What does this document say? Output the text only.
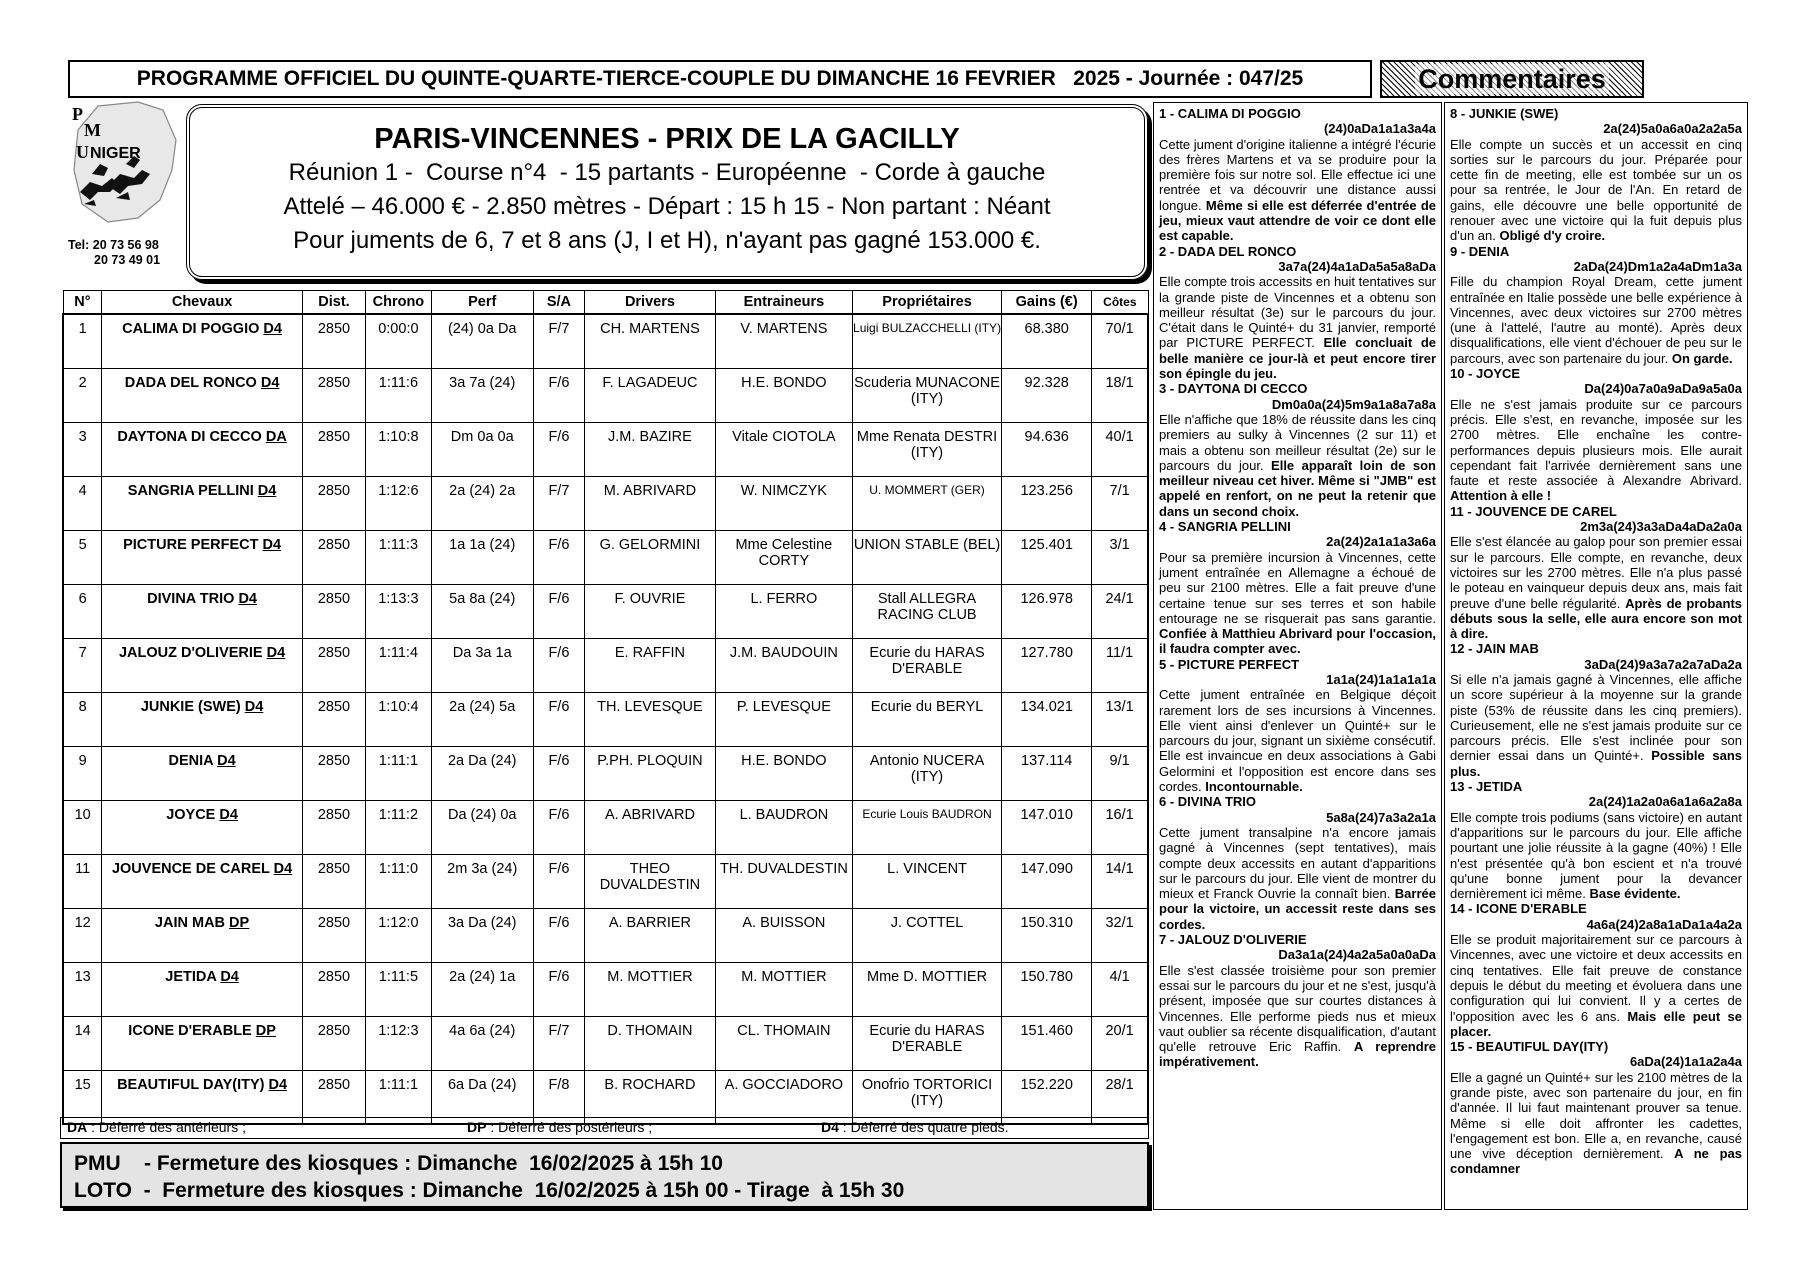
PROGRAMME OFFICIEL DU QUINTE-QUARTE-TIERCE-COUPLE DU DIMANCHE 16 FEVRIER   2025 - Journée : 047/25	Commentaires
P
M
U NIGER
Tel: 20 73 56 98
20 73 49 01
PARIS-VINCENNES - PRIX DE LA GACILLY
Réunion 1 -  Course n°4  - 15 partants - Européenne  - Corde à gauche
Attelé – 46.000 € - 2.850 mètres - Départ : 15 h 15 - Non partant : Néant
Pour juments de 6, 7 et 8 ans (J, I et H), n'ayant pas gagné 153.000 €.
N°	Chevaux	Dist.	Chrono	Perf	S/A	Drivers	Entraineurs	Propriétaires	Gains (€)	Côtes
1	CALIMA DI POGGIO D4	2850	0:00:0	(24) 0a Da	F/7	CH. MARTENS	V. MARTENS	Luigi BULZACCHELLI (ITY)	68.380	70/1
2	DADA DEL RONCO D4	2850	1:11:6	3a 7a (24)	F/6	F. LAGADEUC	H.E. BONDO	Scuderia MUNACONE (ITY)	92.328	18/1
3	DAYTONA DI CECCO DA	2850	1:10:8	Dm 0a 0a	F/6	J.M. BAZIRE	Vitale CIOTOLA	Mme Renata DESTRI (ITY)	94.636	40/1
4	SANGRIA PELLINI D4	2850	1:12:6	2a (24) 2a	F/7	M. ABRIVARD	W. NIMCZYK	U. MOMMERT (GER)	123.256	7/1
5	PICTURE PERFECT D4	2850	1:11:3	1a 1a (24)	F/6	G. GELORMINI	Mme Celestine CORTY	UNION STABLE (BEL)	125.401	3/1
6	DIVINA TRIO D4	2850	1:13:3	5a 8a (24)	F/6	F. OUVRIE	L. FERRO	Stall ALLEGRA RACING CLUB	126.978	24/1
7	JALOUZ D'OLIVERIE D4	2850	1:11:4	Da 3a 1a	F/6	E. RAFFIN	J.M. BAUDOUIN	Ecurie du HARAS D'ERABLE	127.780	11/1
8	JUNKIE (SWE) D4	2850	1:10:4	2a (24) 5a	F/6	TH. LEVESQUE	P. LEVESQUE	Ecurie du BERYL	134.021	13/1
9	DENIA D4	2850	1:11:1	2a Da (24)	F/6	P.PH. PLOQUIN	H.E. BONDO	Antonio NUCERA (ITY)	137.114	9/1
10	JOYCE D4	2850	1:11:2	Da (24) 0a	F/6	A. ABRIVARD	L. BAUDRON	Ecurie Louis BAUDRON	147.010	16/1
11	JOUVENCE DE CAREL D4	2850	1:11:0	2m 3a (24)	F/6	THEO DUVALDESTIN	TH. DUVALDESTIN	L. VINCENT	147.090	14/1
12	JAIN MAB DP	2850	1:12:0	3a Da (24)	F/6	A. BARRIER	A. BUISSON	J. COTTEL	150.310	32/1
13	JETIDA D4	2850	1:11:5	2a (24) 1a	F/6	M. MOTTIER	M. MOTTIER	Mme D. MOTTIER	150.780	4/1
14	ICONE D'ERABLE DP	2850	1:12:3	4a 6a (24)	F/7	D. THOMAIN	CL. THOMAIN	Ecurie du HARAS D'ERABLE	151.460	20/1
15	BEAUTIFUL DAY(ITY) D4	2850	1:11:1	6a Da (24)	F/8	B. ROCHARD	A. GOCCIADORO	Onofrio TORTORICI (ITY)	152.220	28/1
DA : Déferré des antérieurs ;	DP : Déferré des postérieurs ;	D4 : Déferré des quatre pieds.
PMU    - Fermeture des kiosques : Dimanche  16/02/2025 à 15h 10
LOTO  -  Fermeture des kiosques : Dimanche  16/02/2025 à 15h 00 - Tirage  à 15h 30
1 - CALIMA DI POGGIO
(24)0aDa1a1a3a4a
Cette jument d'origine italienne a intégré l'écurie des frères Martens et va se produire pour la première fois sur notre sol. Elle effectue ici une rentrée et va découvrir une distance aussi longue. Même si elle est déferrée d'entrée de jeu, mieux vaut attendre de voir ce dont elle est capable.
2 - DADA DEL RONCO
3a7a(24)4a1aDa5a5a8aDa
Elle compte trois accessits en huit tentatives sur la grande piste de Vincennes et a obtenu son meilleur résultat (3e) sur le parcours du jour. C'était dans le Quinté+ du 31 janvier, remporté par PICTURE PERFECT. Elle concluait de belle manière ce jour-là et peut encore tirer son épingle du jeu.
3 - DAYTONA DI CECCO
Dm0a0a(24)5m9a1a8a7a8a
Elle n'affiche que 18% de réussite dans les cinq premiers au sulky à Vincennes (2 sur 11) et mais a obtenu son meilleur résultat (2e) sur le parcours du jour. Elle apparaît loin de son meilleur niveau cet hiver. Même si "JMB" est appelé en renfort, on ne peut la retenir que dans un second choix.
4 - SANGRIA PELLINI
2a(24)2a1a1a3a6a
Pour sa première incursion à Vincennes, cette jument entraînée en Allemagne a échoué de peu sur 2100 mètres. Elle a fait preuve d'une certaine tenue sur ses terres et son habile entourage ne se risquerait pas sans garantie. Confiée à Matthieu Abrivard pour l'occasion, il faudra compter avec.
5 - PICTURE PERFECT
1a1a(24)1a1a1a1a
Cette jument entraînée en Belgique déçoit rarement lors de ses incursions à Vincennes. Elle vient ainsi d'enlever un Quinté+ sur le parcours du jour, signant un sixième consécutif. Elle est invaincue en deux associations à Gabi Gelormini et l'opposition est encore dans ses cordes. Incontournable.
6 - DIVINA TRIO
5a8a(24)7a3a2a1a
Cette jument transalpine n'a encore jamais gagné à Vincennes (sept tentatives), mais compte deux accessits en autant d'apparitions sur le parcours du jour. Elle vient de montrer du mieux et Franck Ouvrie la connaît bien. Barrée pour la victoire, un accessit reste dans ses cordes.
7 - JALOUZ D'OLIVERIE
Da3a1a(24)4a2a5a0a0aDa
Elle s'est classée troisième pour son premier essai sur le parcours du jour et ne s'est, jusqu'à présent, imposée que sur courtes distances à Vincennes. Elle performe pieds nus et mieux vaut oublier sa récente disqualification, d'autant qu'elle retrouve Eric Raffin. A reprendre impérativement.
8 - JUNKIE (SWE)
2a(24)5a0a6a0a2a2a5a
Elle compte un succès et un accessit en cinq sorties sur le parcours du jour. Préparée pour cette fin de meeting, elle est tombée sur un os pour sa rentrée, le Jour de l'An. En retard de gains, elle découvre une belle opportunité de renouer avec une victoire qui la fuit depuis plus d'un an. Obligé d'y croire.
9 - DENIA
2aDa(24)Dm1a2a4aDm1a3a
Fille du champion Royal Dream, cette jument entraînée en Italie possède une belle expérience à Vincennes, avec deux victoires sur 2700 mètres (une à l'attelé, l'autre au monté). Après deux disqualifications, elle vient d'échouer de peu sur le parcours, avec son partenaire du jour. On garde.
10 - JOYCE
Da(24)0a7a0a9aDa9a5a0a
Elle ne s'est jamais produite sur ce parcours précis. Elle s'est, en revanche, imposée sur les 2700 mètres. Elle enchaîne les contre-performances depuis plusieurs mois. Elle aurait cependant fait l'arrivée dernièrement sans une faute et reste associée à Alexandre Abrivard. Attention à elle !
11 - JOUVENCE DE CAREL
2m3a(24)3a3aDa4aDa2a0a
Elle s'est élancée au galop pour son premier essai sur le parcours. Elle compte, en revanche, deux victoires sur les 2700 mètres. Elle n'a plus passé le poteau en vainqueur depuis deux ans, mais fait preuve d'une belle régularité. Après de probants débuts sous la selle, elle aura encore son mot à dire.
12 - JAIN MAB
3aDa(24)9a3a7a2a7aDa2a
Si elle n'a jamais gagné à Vincennes, elle affiche un score supérieur à la moyenne sur la grande piste (53% de réussite dans les cinq premiers). Curieusement, elle ne s'est jamais produite sur ce parcours précis. Elle s'est inclinée pour son dernier essai dans un Quinté+. Possible sans plus.
13 - JETIDA
2a(24)1a2a0a6a1a6a2a8a
Elle compte trois podiums (sans victoire) en autant d'apparitions sur le parcours du jour. Elle affiche pourtant une jolie réussite à la gagne (40%) ! Elle n'est présentée qu'à bon escient et n'a trouvé qu'une bonne jument pour la devancer dernièrement ici même. Base évidente.
14 - ICONE D'ERABLE
4a6a(24)2a8a1aDa1a4a2a
Elle se produit majoritairement sur ce parcours à Vincennes, avec une victoire et deux accessits en cinq tentatives. Elle fait preuve de constance depuis le début du meeting et évoluera dans une configuration qui lui convient. Il y a certes de l'opposition avec les 6 ans. Mais elle peut se placer.
15 - BEAUTIFUL DAY(ITY)
6aDa(24)1a1a2a4a
Elle a gagné un Quinté+ sur les 2100 mètres de la grande piste, avec son partenaire du jour, en fin d'année. Il lui faut maintenant prouver sa tenue. Même si elle doit affronter les cadettes, l'engagement est bon. Elle a, en revanche, causé une vive déception dernièrement. A ne pas condamner
